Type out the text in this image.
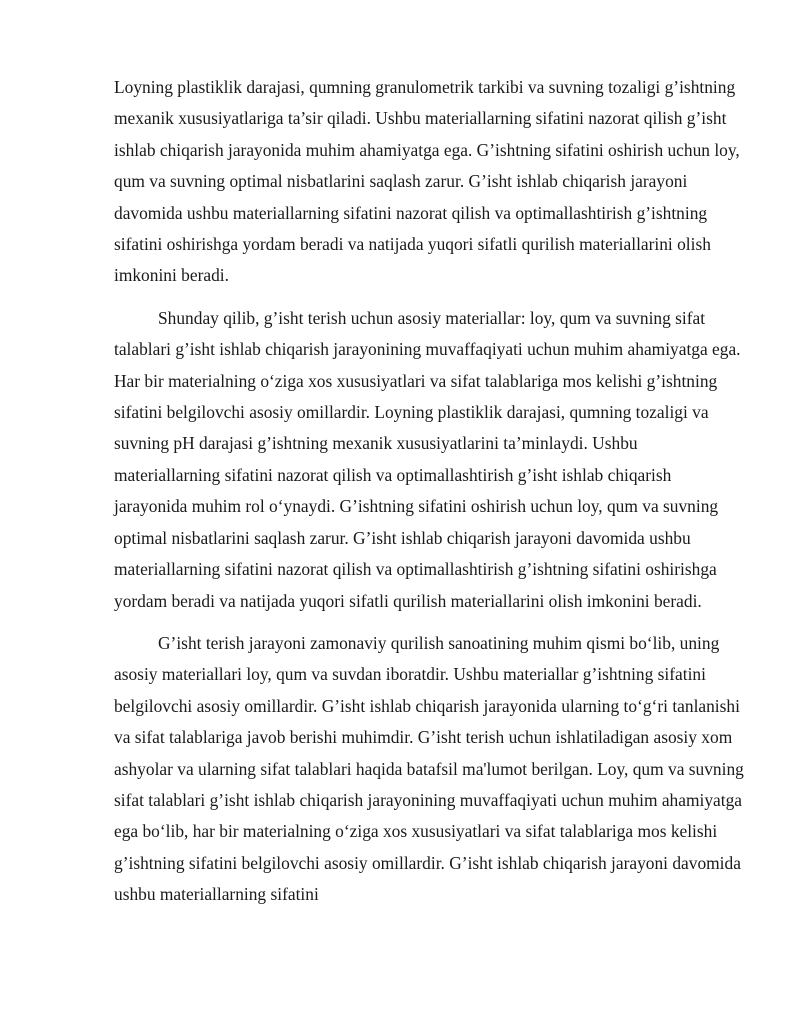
Loyning plastiklik darajasi, qumning granulometrik tarkibi va suvning tozaligi g’ishtning mexanik xususiyatlariga ta’sir qiladi. Ushbu materiallarning sifatini nazorat qilish g’isht ishlab chiqarish jarayonida muhim ahamiyatga ega. G’ishtning sifatini oshirish uchun loy, qum va suvning optimal nisbatlarini saqlash zarur. G’isht ishlab chiqarish jarayoni davomida ushbu materiallarning sifatini nazorat qilish va optimallashtirish g’ishtning sifatini oshirishga yordam beradi va natijada yuqori sifatli qurilish materiallarini olish imkonini beradi.

Shunday qilib, g’isht terish uchun asosiy materiallar: loy, qum va suvning sifat talablari g’isht ishlab chiqarish jarayonining muvaffaqiyati uchun muhim ahamiyatga ega. Har bir materialning o‘ziga xos xususiyatlari va sifat talablariga mos kelishi g’ishtning sifatini belgilovchi asosiy omillardir. Loyning plastiklik darajasi, qumning tozaligi va suvning pH darajasi g’ishtning mexanik xususiyatlarini ta’minlaydi. Ushbu materiallarning sifatini nazorat qilish va optimallashtirish g’isht ishlab chiqarish jarayonida muhim rol o‘ynaydi. G’ishtning sifatini oshirish uchun loy, qum va suvning optimal nisbatlarini saqlash zarur. G’isht ishlab chiqarish jarayoni davomida ushbu materiallarning sifatini nazorat qilish va optimallashtirish g’ishtning sifatini oshirishga yordam beradi va natijada yuqori sifatli qurilish materiallarini olish imkonini beradi.

G’isht terish jarayoni zamonaviy qurilish sanoatining muhim qismi bo‘lib, uning asosiy materiallari loy, qum va suvdan iboratdir. Ushbu materiallar g’ishtning sifatini belgilovchi asosiy omillardir. G’isht ishlab chiqarish jarayonida ularning to‘g‘ri tanlanishi va sifat talablariga javob berishi muhimdir. G’isht terish uchun ishlatiladigan asosiy xom ashyolar va ularning sifat talablari haqida batafsil ma'lumot berilgan. Loy, qum va suvning sifat talablari g’isht ishlab chiqarish jarayonining muvaffaqiyati uchun muhim ahamiyatga ega bo‘lib, har bir materialning o‘ziga xos xususiyatlari va sifat talablariga mos kelishi g’ishtning sifatini belgilovchi asosiy omillardir. G’isht ishlab chiqarish jarayoni davomida ushbu materiallarning sifatini
